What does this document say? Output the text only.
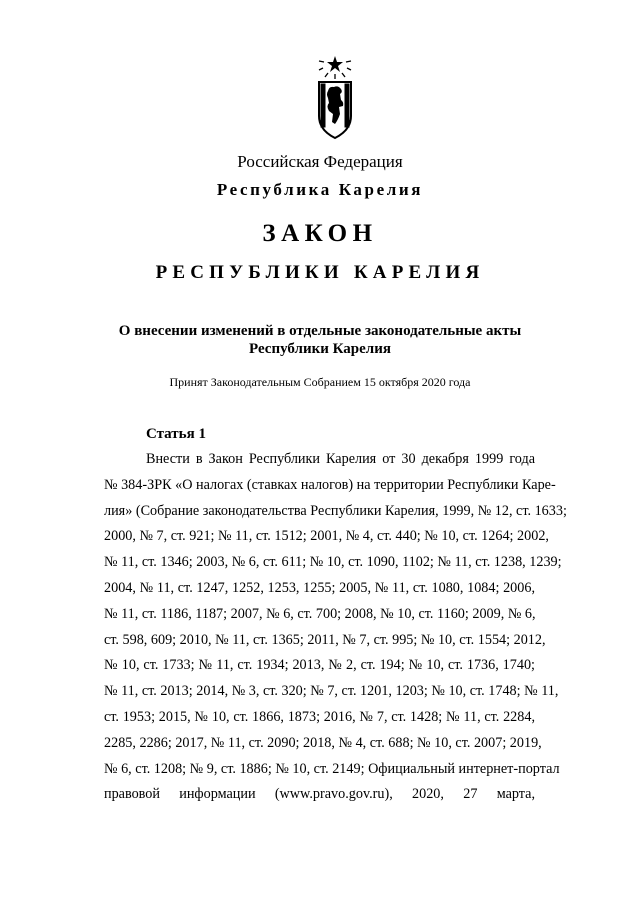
Российская Федерация
Республика Карелия
ЗАКОН
РЕСПУБЛИКИ КАРЕЛИЯ
О внесении изменений в отдельные законодательные акты
Республики Карелия
Принят Законодательным Собранием 15 октября 2020 года
Статья 1
Внести в Закон Республики Карелия от 30 декабря 1999 года
№ 384-ЗРК «О налогах (ставках налогов) на территории Республики Каре-
лия» (Собрание законодательства Республики Карелия, 1999, № 12, ст. 1633;
2000, № 7, ст. 921; № 11, ст. 1512; 2001, № 4, ст. 440; № 10, ст. 1264; 2002,
№ 11, ст. 1346; 2003, № 6, ст. 611; № 10, ст. 1090, 1102; № 11, ст. 1238, 1239;
2004, № 11, ст. 1247, 1252, 1253, 1255; 2005, № 11, ст. 1080, 1084; 2006,
№ 11, ст. 1186, 1187; 2007, № 6, ст. 700; 2008, № 10, ст. 1160; 2009, № 6,
ст. 598, 609; 2010, № 11, ст. 1365; 2011, № 7, ст. 995; № 10, ст. 1554; 2012,
№ 10, ст. 1733; № 11, ст. 1934; 2013, № 2, ст. 194; № 10, ст. 1736, 1740;
№ 11, ст. 2013; 2014, № 3, ст. 320; № 7, ст. 1201, 1203; № 10, ст. 1748; № 11,
ст. 1953; 2015, № 10, ст. 1866, 1873; 2016, № 7, ст. 1428; № 11, ст. 2284,
2285, 2286; 2017, № 11, ст. 2090; 2018, № 4, ст. 688; № 10, ст. 2007; 2019,
№ 6, ст. 1208; № 9, ст. 1886; № 10, ст. 2149; Официальный интернет-портал
правовой информации (www.pravo.gov.ru), 2020, 27 марта,
